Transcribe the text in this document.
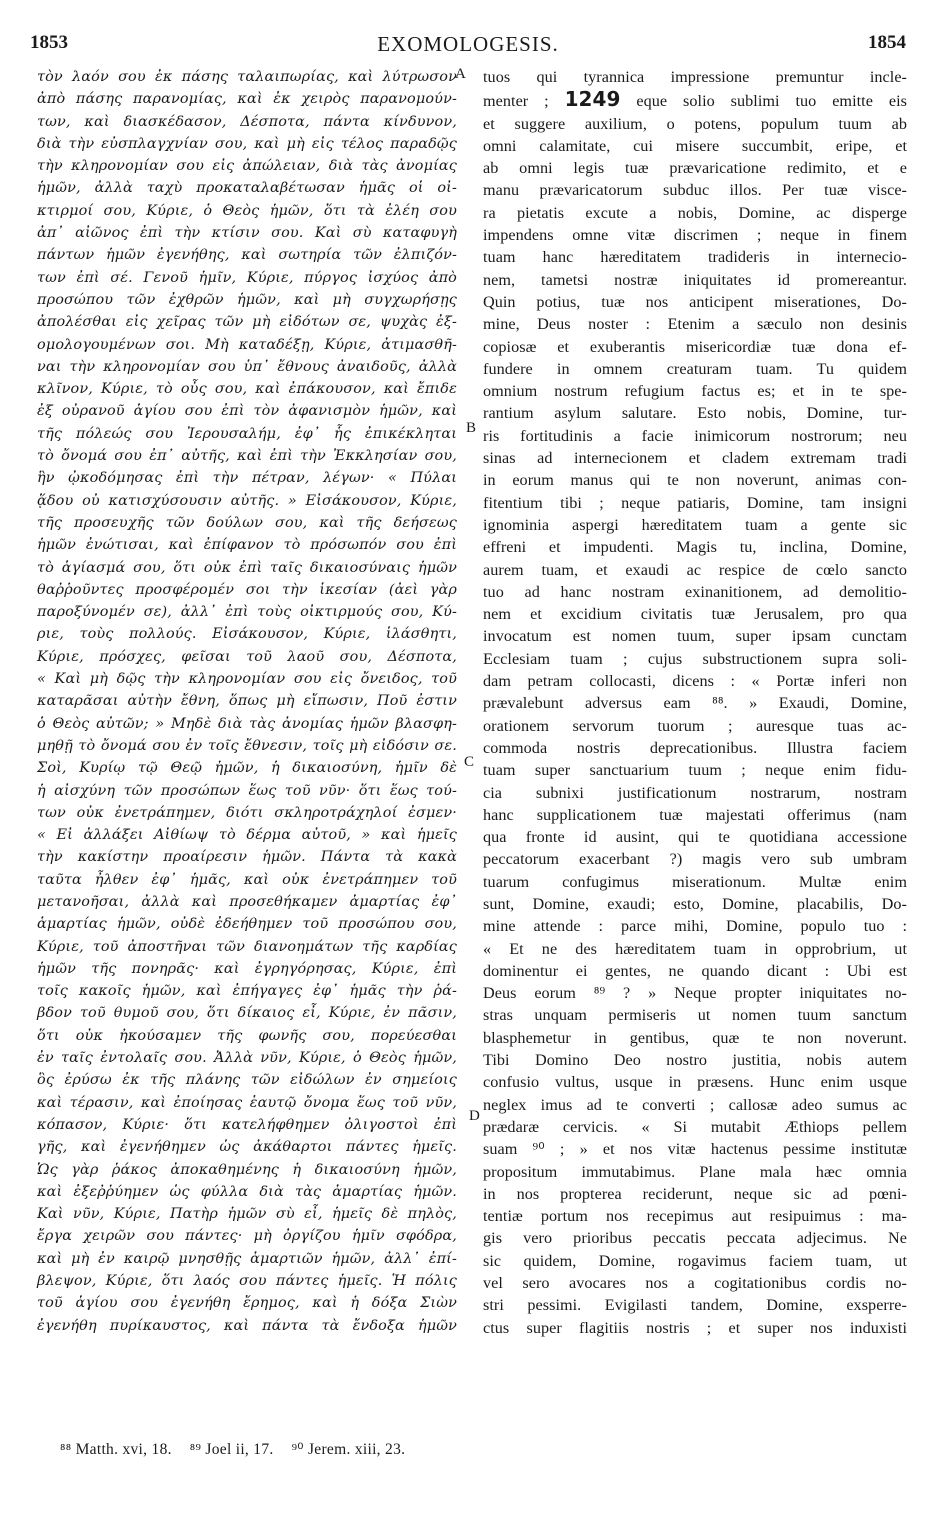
1853	EXOMOLOGESIS.	1854
τὸν λαόν σου ἐκ πάσης ταλαιπωρίας, καὶ λύτρωσον
ἀπὸ πάσης παρανομίας, καὶ ἐκ χειρὸς παρανομούν-
των, καὶ διασκέδασον, Δέσποτα, πάντα κίνδυνον,
διὰ τὴν εὐσπλαγχνίαν σου, καὶ μὴ εἰς τέλος παραδῷς
τὴν κληρονομίαν σου εἰς ἀπώλειαν, διὰ τὰς ἀνομίας
ἡμῶν, ἀλλὰ ταχὺ προκαταλαβέτωσαν ἡμᾶς οἱ οἰ-
κτιρμοί σου, Κύριε, ὁ Θεὸς ἡμῶν, ὅτι τὰ ἐλέη σου
ἀπ᾽ αἰῶνος ἐπὶ τὴν κτίσιν σου. Καὶ σὺ καταφυγὴ
πάντων ἡμῶν ἐγενήθης, καὶ σωτηρία τῶν ἐλπιζόν-
των ἐπὶ σέ. Γενοῦ ἡμῖν, Κύριε, πύργος ἰσχύος ἀπὸ
προσώπου τῶν ἐχθρῶν ἡμῶν, καὶ μὴ συγχωρήσῃς
ἀπολέσθαι εἰς χεῖρας τῶν μὴ εἰδότων σε, ψυχὰς ἐξ-
ομολογουμένων σοι. Μὴ καταδέξῃ, Κύριε, ἀτιμασθῆ-
ναι τὴν κληρονομίαν σου ὑπ᾽ ἔθνους ἀναιδοῦς, ἀλλὰ
κλῖνον, Κύριε, τὸ οὖς σου, καὶ ἐπάκουσον, καὶ ἔπιδε
ἐξ οὐρανοῦ ἁγίου σου ἐπὶ τὸν ἀφανισμὸν ἡμῶν, καὶ
τῆς πόλεώς σου Ἰερουσαλήμ, ἐφ᾽ ἧς ἐπικέκληται
τὸ ὄνομά σου ἐπ᾽ αὐτῆς, καὶ ἐπὶ τὴν Ἐκκλησίαν σου,
ἣν ᾠκοδόμησας ἐπὶ τὴν πέτραν, λέγων· « Πύλαι
ᾅδου οὐ κατισχύσουσιν αὐτῆς. » Εἰσάκουσον, Κύριε,
τῆς προσευχῆς τῶν δούλων σου, καὶ τῆς δεήσεως
ἡμῶν ἐνώτισαι, καὶ ἐπίφανον τὸ πρόσωπόν σου ἐπὶ
τὸ ἁγίασμά σου, ὅτι οὐκ ἐπὶ ταῖς δικαιοσύναις ἡμῶν
θαῤῥοῦντες προσφέρομέν σοι τὴν ἱκεσίαν (ἀεὶ γὰρ
παροξύνομέν σε), ἀλλ᾽ ἐπὶ τοὺς οἰκτιρμούς σου, Κύ-
ριε, τοὺς πολλούς. Εἰσάκουσον, Κύριε, ἱλάσθητι,
Κύριε, πρόσχες, φεῖσαι τοῦ λαοῦ σου, Δέσποτα,
« Καὶ μὴ δῷς τὴν κληρονομίαν σου εἰς ὄνειδος, τοῦ
καταρᾶσαι αὐτὴν ἔθνη, ὅπως μὴ εἴπωσιν, Ποῦ ἐστιν
ὁ Θεὸς αὐτῶν; » Μηδὲ διὰ τὰς ἀνομίας ἡμῶν βλασφη-
μηθῇ τὸ ὄνομά σου ἐν τοῖς ἔθνεσιν, τοῖς μὴ εἰδόσιν σε.
Σοὶ, Κυρίῳ τῷ Θεῷ ἡμῶν, ἡ δικαιοσύνη, ἡμῖν δὲ
ἡ αἰσχύνη τῶν προσώπων ἕως τοῦ νῦν· ὅτι ἕως τού-
των οὐκ ἐνετράπημεν, διότι σκληροτράχηλοί ἐσμεν·
« Εἰ ἀλλάξει Αἰθίωψ τὸ δέρμα αὐτοῦ, » καὶ ἡμεῖς
τὴν κακίστην προαίρεσιν ἡμῶν. Πάντα τὰ κακὰ
ταῦτα ἦλθεν ἐφ᾽ ἡμᾶς, καὶ οὐκ ἐνετράπημεν τοῦ
μετανοῆσαι, ἀλλὰ καὶ προσεθήκαμεν ἁμαρτίας ἐφ᾽
ἁμαρτίας ἡμῶν, οὐδὲ ἐδεήθημεν τοῦ προσώπου σου,
Κύριε, τοῦ ἀποστῆναι τῶν διανοημάτων τῆς καρδίας
ἡμῶν τῆς πονηρᾶς· καὶ ἐγρηγόρησας, Κύριε, ἐπὶ
τοῖς κακοῖς ἡμῶν, καὶ ἐπήγαγες ἐφ᾽ ἡμᾶς τὴν ῥά-
βδον τοῦ θυμοῦ σου, ὅτι δίκαιος εἶ, Κύριε, ἐν πᾶσιν,
ὅτι οὐκ ἠκούσαμεν τῆς φωνῆς σου, πορεύεσθαι
ἐν ταῖς ἐντολαῖς σου. Ἀλλὰ νῦν, Κύριε, ὁ Θεὸς ἡμῶν,
ὃς ἐρύσω ἐκ τῆς πλάνης τῶν εἰδώλων ἐν σημείοις
καὶ τέρασιν, καὶ ἐποίησας ἑαυτῷ ὄνομα ἕως τοῦ νῦν,
κόπασον, Κύριε· ὅτι κατελήφθημεν ὀλιγοστοὶ ἐπὶ
γῆς, καὶ ἐγενήθημεν ὡς ἀκάθαρτοι πάντες ἡμεῖς.
Ὡς γὰρ ῥάκος ἀποκαθημένης ἡ δικαιοσύνη ἡμῶν,
καὶ ἐξεῤῥύημεν ὡς φύλλα διὰ τὰς ἁμαρτίας ἡμῶν.
Καὶ νῦν, Κύριε, Πατὴρ ἡμῶν σὺ εἶ, ἡμεῖς δὲ πηλὸς,
ἔργα χειρῶν σου πάντες· μὴ ὀργίζου ἡμῖν σφόδρα,
καὶ μὴ ἐν καιρῷ μνησθῇς ἁμαρτιῶν ἡμῶν, ἀλλ᾽ ἐπί-
βλεψον, Κύριε, ὅτι λαός σου πάντες ἡμεῖς. Ἡ πόλις
τοῦ ἁγίου σου ἐγενήθη ἔρημος, καὶ ἡ δόξα Σιὼν
ἐγενήθη πυρίκαυστος, καὶ πάντα τὰ ἔνδοξα ἡμῶν
tuos qui tyrannica impressione premuntur incle-
menter ; 1249 eque solio sublimi tuo emitte eis
et suggere auxilium, o potens, populum tuum ab
omni calamitate, cui misere succumbit, eripe, et
ab omni legis tuæ prævaricatione redimito, et e
manu prævaricatorum subduc illos. Per tuæ visce-
ra pietatis excute a nobis, Domine, ac disperge
impendens omne vitæ discrimen ; neque in finem
tuam hanc hæreditatem tradideris in internecio-
nem, tametsi nostræ iniquitates id promereantur.
Quin potius, tuæ nos anticipent miserationes, Do-
mine, Deus noster : Etenim a sæculo non desinis
copiosæ et exuberantis misericordiæ tuæ dona ef-
fundere in omnem creaturam tuam. Tu quidem
omnium nostrum refugium factus es; et in te spe-
rantium asylum salutare. Esto nobis, Domine, tur-
ris fortitudinis a facie inimicorum nostrorum; neu
sinas ad internecionem et cladem extremam tradi
in eorum manus qui te non noverunt, animas con-
fitentium tibi ; neque patiaris, Domine, tam insigni
ignominia aspergi hæreditatem tuam a gente sic
effreni et impudenti. Magis tu, inclina, Domine,
aurem tuam, et exaudi ac respice de cœlo sancto
tuo ad hanc nostram exinanitionem, ad demolitio-
nem et excidium civitatis tuæ Jerusalem, pro qua
invocatum est nomen tuum, super ipsam cunctam
Ecclesiam tuam ; cujus substructionem supra soli-
dam petram collocasti, dicens : « Portæ inferi non
prævalebunt adversus eam ⁸⁸. » Exaudi, Domine,
orationem servorum tuorum ; auresque tuas ac-
commoda nostris deprecationibus. Illustra faciem
tuam super sanctuarium tuum ; neque enim fidu-
cia subnixi justificationum nostrarum, nostram
hanc supplicationem tuæ majestati offerimus (nam
qua fronte id ausint, qui te quotidiana accessione
peccatorum exacerbant ?) magis vero sub umbram
tuarum confugimus miserationum. Multæ enim
sunt, Domine, exaudi; esto, Domine, placabilis, Do-
mine attende : parce mihi, Domine, populo tuo :
« Et ne des hæreditatem tuam in opprobrium, ut
dominentur ei gentes, ne quando dicant : Ubi est
Deus eorum ⁸⁹ ? » Neque propter iniquitates no-
stras unquam permiseris ut nomen tuum sanctum
blasphemetur in gentibus, quæ te non noverunt.
Tibi Domino Deo nostro justitia, nobis autem
confusio vultus, usque in præsens. Hunc enim usque
neglex imus ad te converti ; callosæ adeo sumus ac
prædaræ cervicis. « Si mutabit Æthiops pellem
suam ⁹⁰ ; » et nos vitæ hactenus pessime institutæ
propositum immutabimus. Plane mala hæc omnia
in nos propterea reciderunt, neque sic ad pœni-
tentiæ portum nos recepimus aut resipuimus : ma-
gis vero prioribus peccatis peccata adjecimus. Ne
sic quidem, Domine, rogavimus faciem tuam, ut
vel sero avocares nos a cogitationibus cordis no-
stri pessimi. Evigilasti tandem, Domine, exsperre-
ctus super flagitiis nostris ; et super nos induxisti
A
B
C
D
⁸⁸ Matth. xvi, 18. ⁸⁹ Joel ii, 17. ⁹⁰ Jerem. xiii, 23.
